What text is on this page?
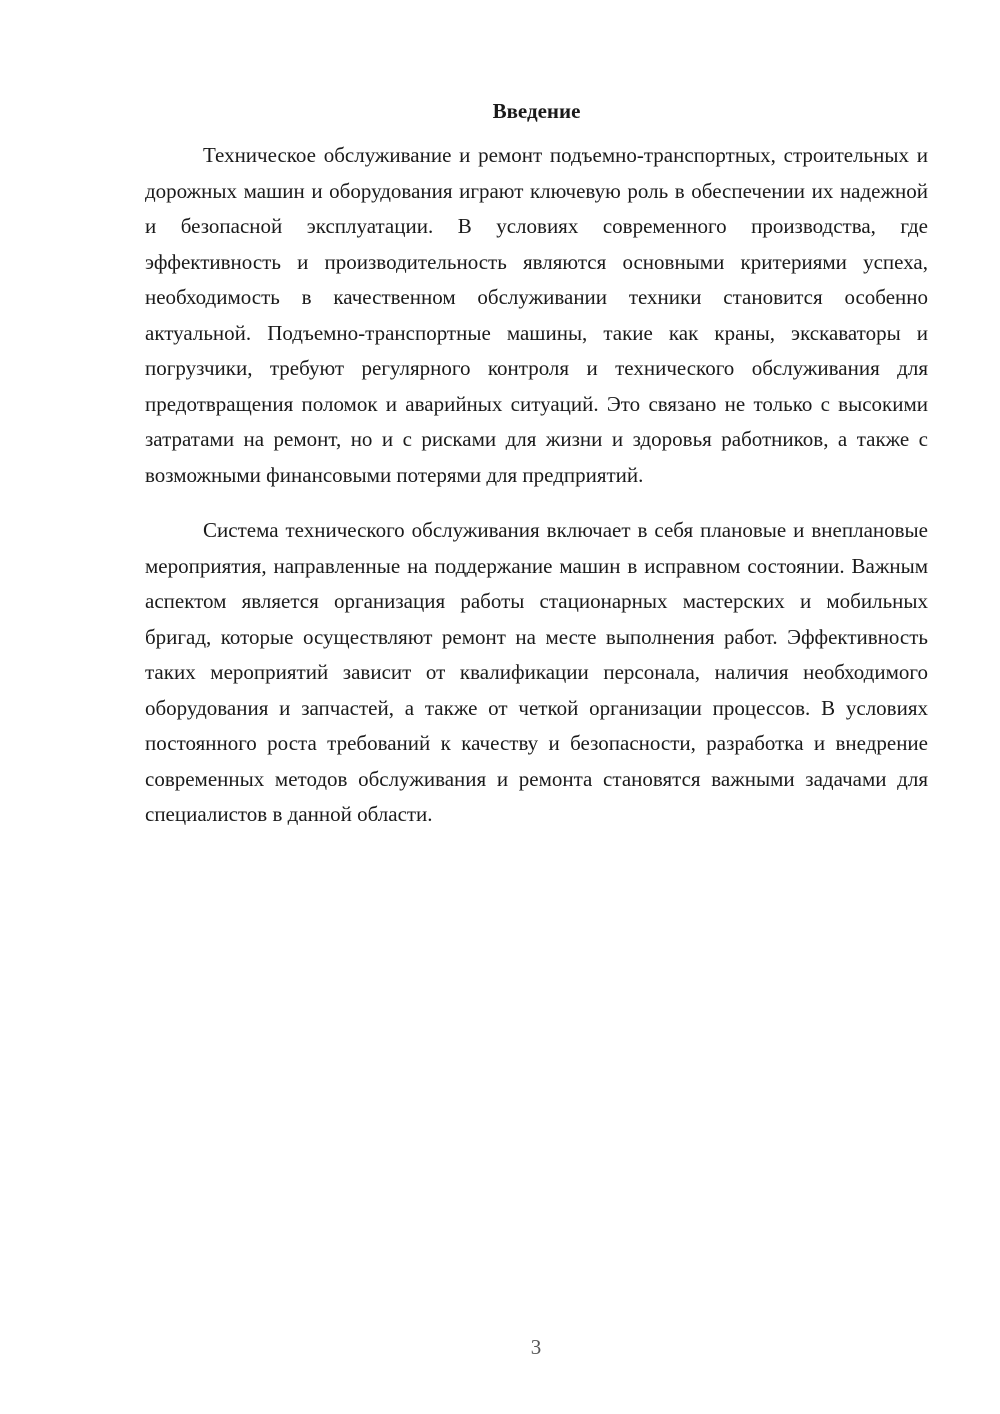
Введение

Техническое обслуживание и ремонт подъемно-транспортных, строительных и дорожных машин и оборудования играют ключевую роль в обеспечении их надежной и безопасной эксплуатации. В условиях современного производства, где эффективность и производительность являются основными критериями успеха, необходимость в качественном обслуживании техники становится особенно актуальной. Подъемно-транспортные машины, такие как краны, экскаваторы и погрузчики, требуют регулярного контроля и технического обслуживания для предотвращения поломок и аварийных ситуаций. Это связано не только с высокими затратами на ремонт, но и с рисками для жизни и здоровья работников, а также с возможными финансовыми потерями для предприятий.

Система технического обслуживания включает в себя плановые и внеплановые мероприятия, направленные на поддержание машин в исправном состоянии. Важным аспектом является организация работы стационарных мастерских и мобильных бригад, которые осуществляют ремонт на месте выполнения работ. Эффективность таких мероприятий зависит от квалификации персонала, наличия необходимого оборудования и запчастей, а также от четкой организации процессов. В условиях постоянного роста требований к качеству и безопасности, разработка и внедрение современных методов обслуживания и ремонта становятся важными задачами для специалистов в данной области.

3
